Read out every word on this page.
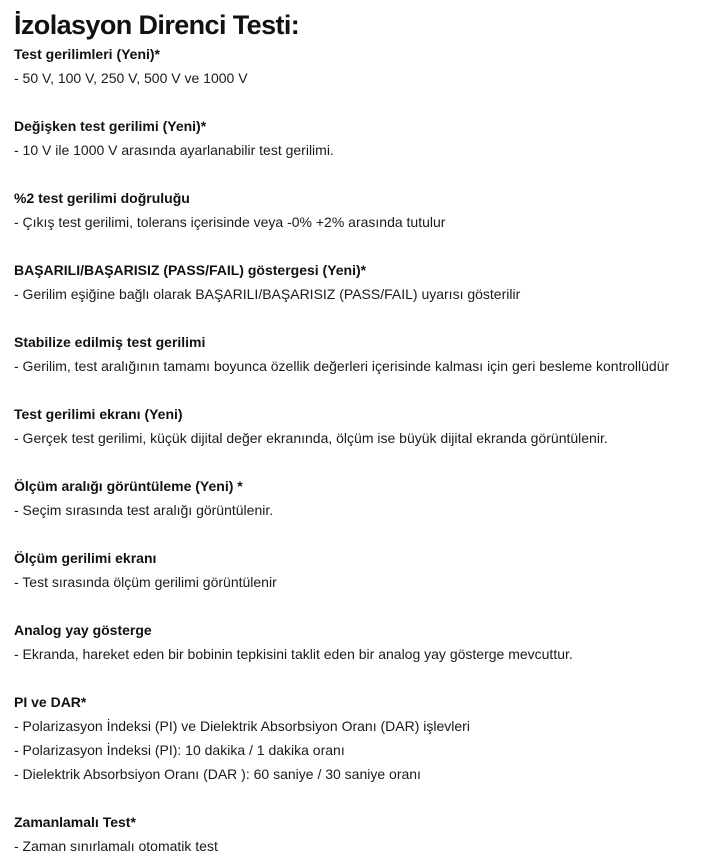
İzolasyon Direnci Testi:

Test gerilimleri (Yeni)*

- 50 V, 100 V, 250 V, 500 V ve 1000 V

Değişken test gerilimi (Yeni)*

- 10 V ile 1000 V arasında ayarlanabilir test gerilimi.

%2 test gerilimi doğruluğu

- Çıkış test gerilimi, tolerans içerisinde veya -0% +2% arasında tutulur

BAŞARILI/BAŞARISIZ (PASS/FAIL) göstergesi (Yeni)*

- Gerilim eşiğine bağlı olarak BAŞARILI/BAŞARISIZ (PASS/FAIL) uyarısı gösterilir

Stabilize edilmiş test gerilimi

- Gerilim, test aralığının tamamı boyunca özellik değerleri içerisinde kalması için geri besleme kontrollüdür

Test gerilimi ekranı (Yeni)

- Gerçek test gerilimi, küçük dijital değer ekranında, ölçüm ise büyük dijital ekranda görüntülenir.

Ölçüm aralığı görüntüleme (Yeni) *

- Seçim sırasında test aralığı görüntülenir.

Ölçüm gerilimi ekranı

- Test sırasında ölçüm gerilimi görüntülenir

Analog yay gösterge

- Ekranda, hareket eden bir bobinin tepkisini taklit eden bir analog yay gösterge mevcuttur.

PI ve DAR*

- Polarizasyon İndeksi (PI) ve Dielektrik Absorbsiyon Oranı (DAR) işlevleri

- Polarizasyon İndeksi (PI): 10 dakika / 1 dakika oranı

- Dielektrik Absorbsiyon Oranı (DAR ): 60 saniye / 30 saniye oranı

Zamanlamalı Test*

- Zaman sınırlamalı otomatik test
